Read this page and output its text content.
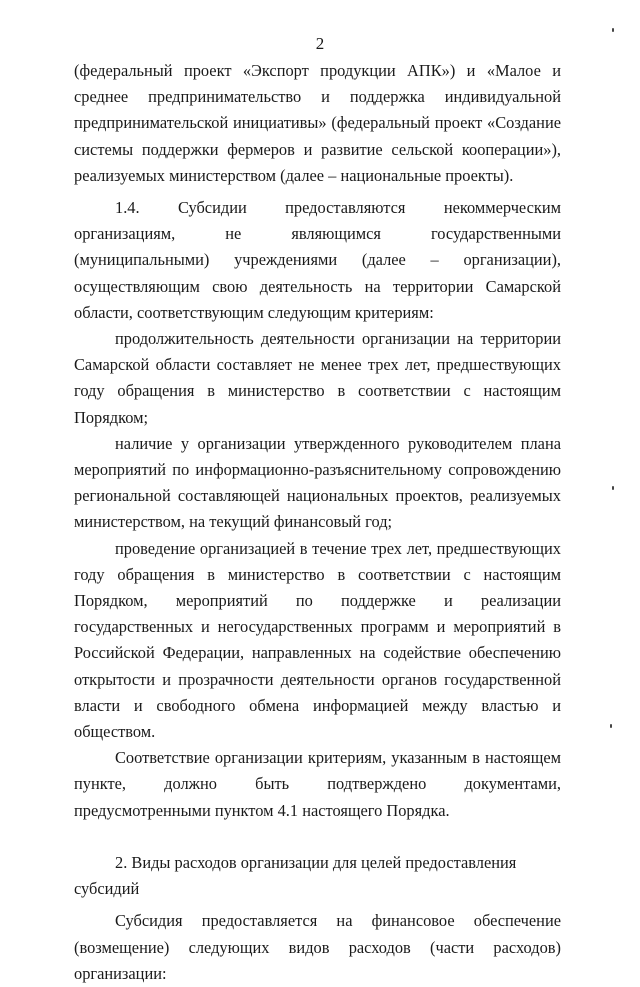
2

(федеральный проект «Экспорт продукции АПК») и «Малое и среднее предпринимательство и поддержка индивидуальной предпринимательской инициативы» (федеральный проект «Создание системы поддержки фермеров и развитие сельской кооперации»), реализуемых министерством (далее – национальные проекты).

1.4. Субсидии предоставляются некоммерческим организациям, не являющимся государственными (муниципальными) учреждениями (далее – организации), осуществляющим свою деятельность на территории Самарской области, соответствующим следующим критериям:

продолжительность деятельности организации на территории Самарской области составляет не менее трех лет, предшествующих году обращения в министерство в соответствии с настоящим Порядком;

наличие у организации утвержденного руководителем плана мероприятий по информационно-разъяснительному сопровождению региональной составляющей национальных проектов, реализуемых министерством, на текущий финансовый год;

проведение организацией в течение трех лет, предшествующих году обращения в министерство в соответствии с настоящим Порядком, мероприятий по поддержке и реализации государственных и негосударственных программ и мероприятий в Российской Федерации, направленных на содействие обеспечению открытости и прозрачности деятельности органов государственной власти и свободного обмена информацией между властью и обществом.

Соответствие организации критериям, указанным в настоящем пункте, должно быть подтверждено документами, предусмотренными пунктом 4.1 настоящего Порядка.

2. Виды расходов организации для целей предоставления субсидий

Субсидия предоставляется на финансовое обеспечение (возмещение) следующих видов расходов (части расходов) организации:
